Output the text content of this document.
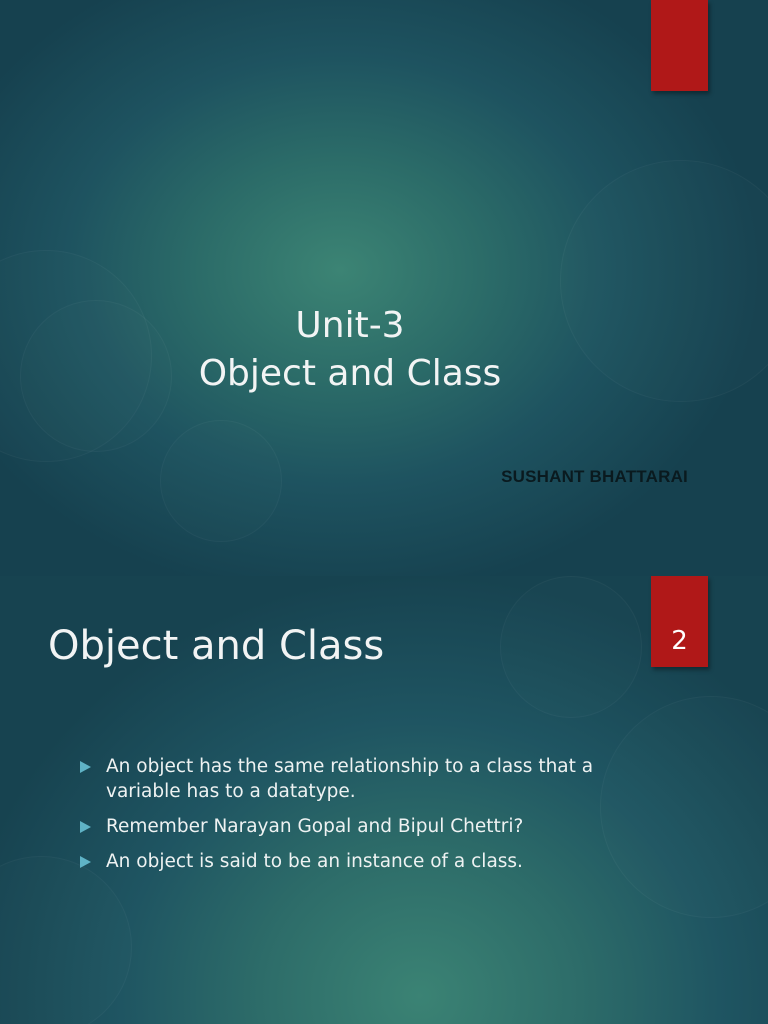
Unit-3
Object and Class
SUSHANT BHATTARAI
2
Object and Class
An object has the same relationship to a class that a variable has to a datatype.
Remember Narayan Gopal and Bipul Chettri?
An object is said to be an instance of a class.
